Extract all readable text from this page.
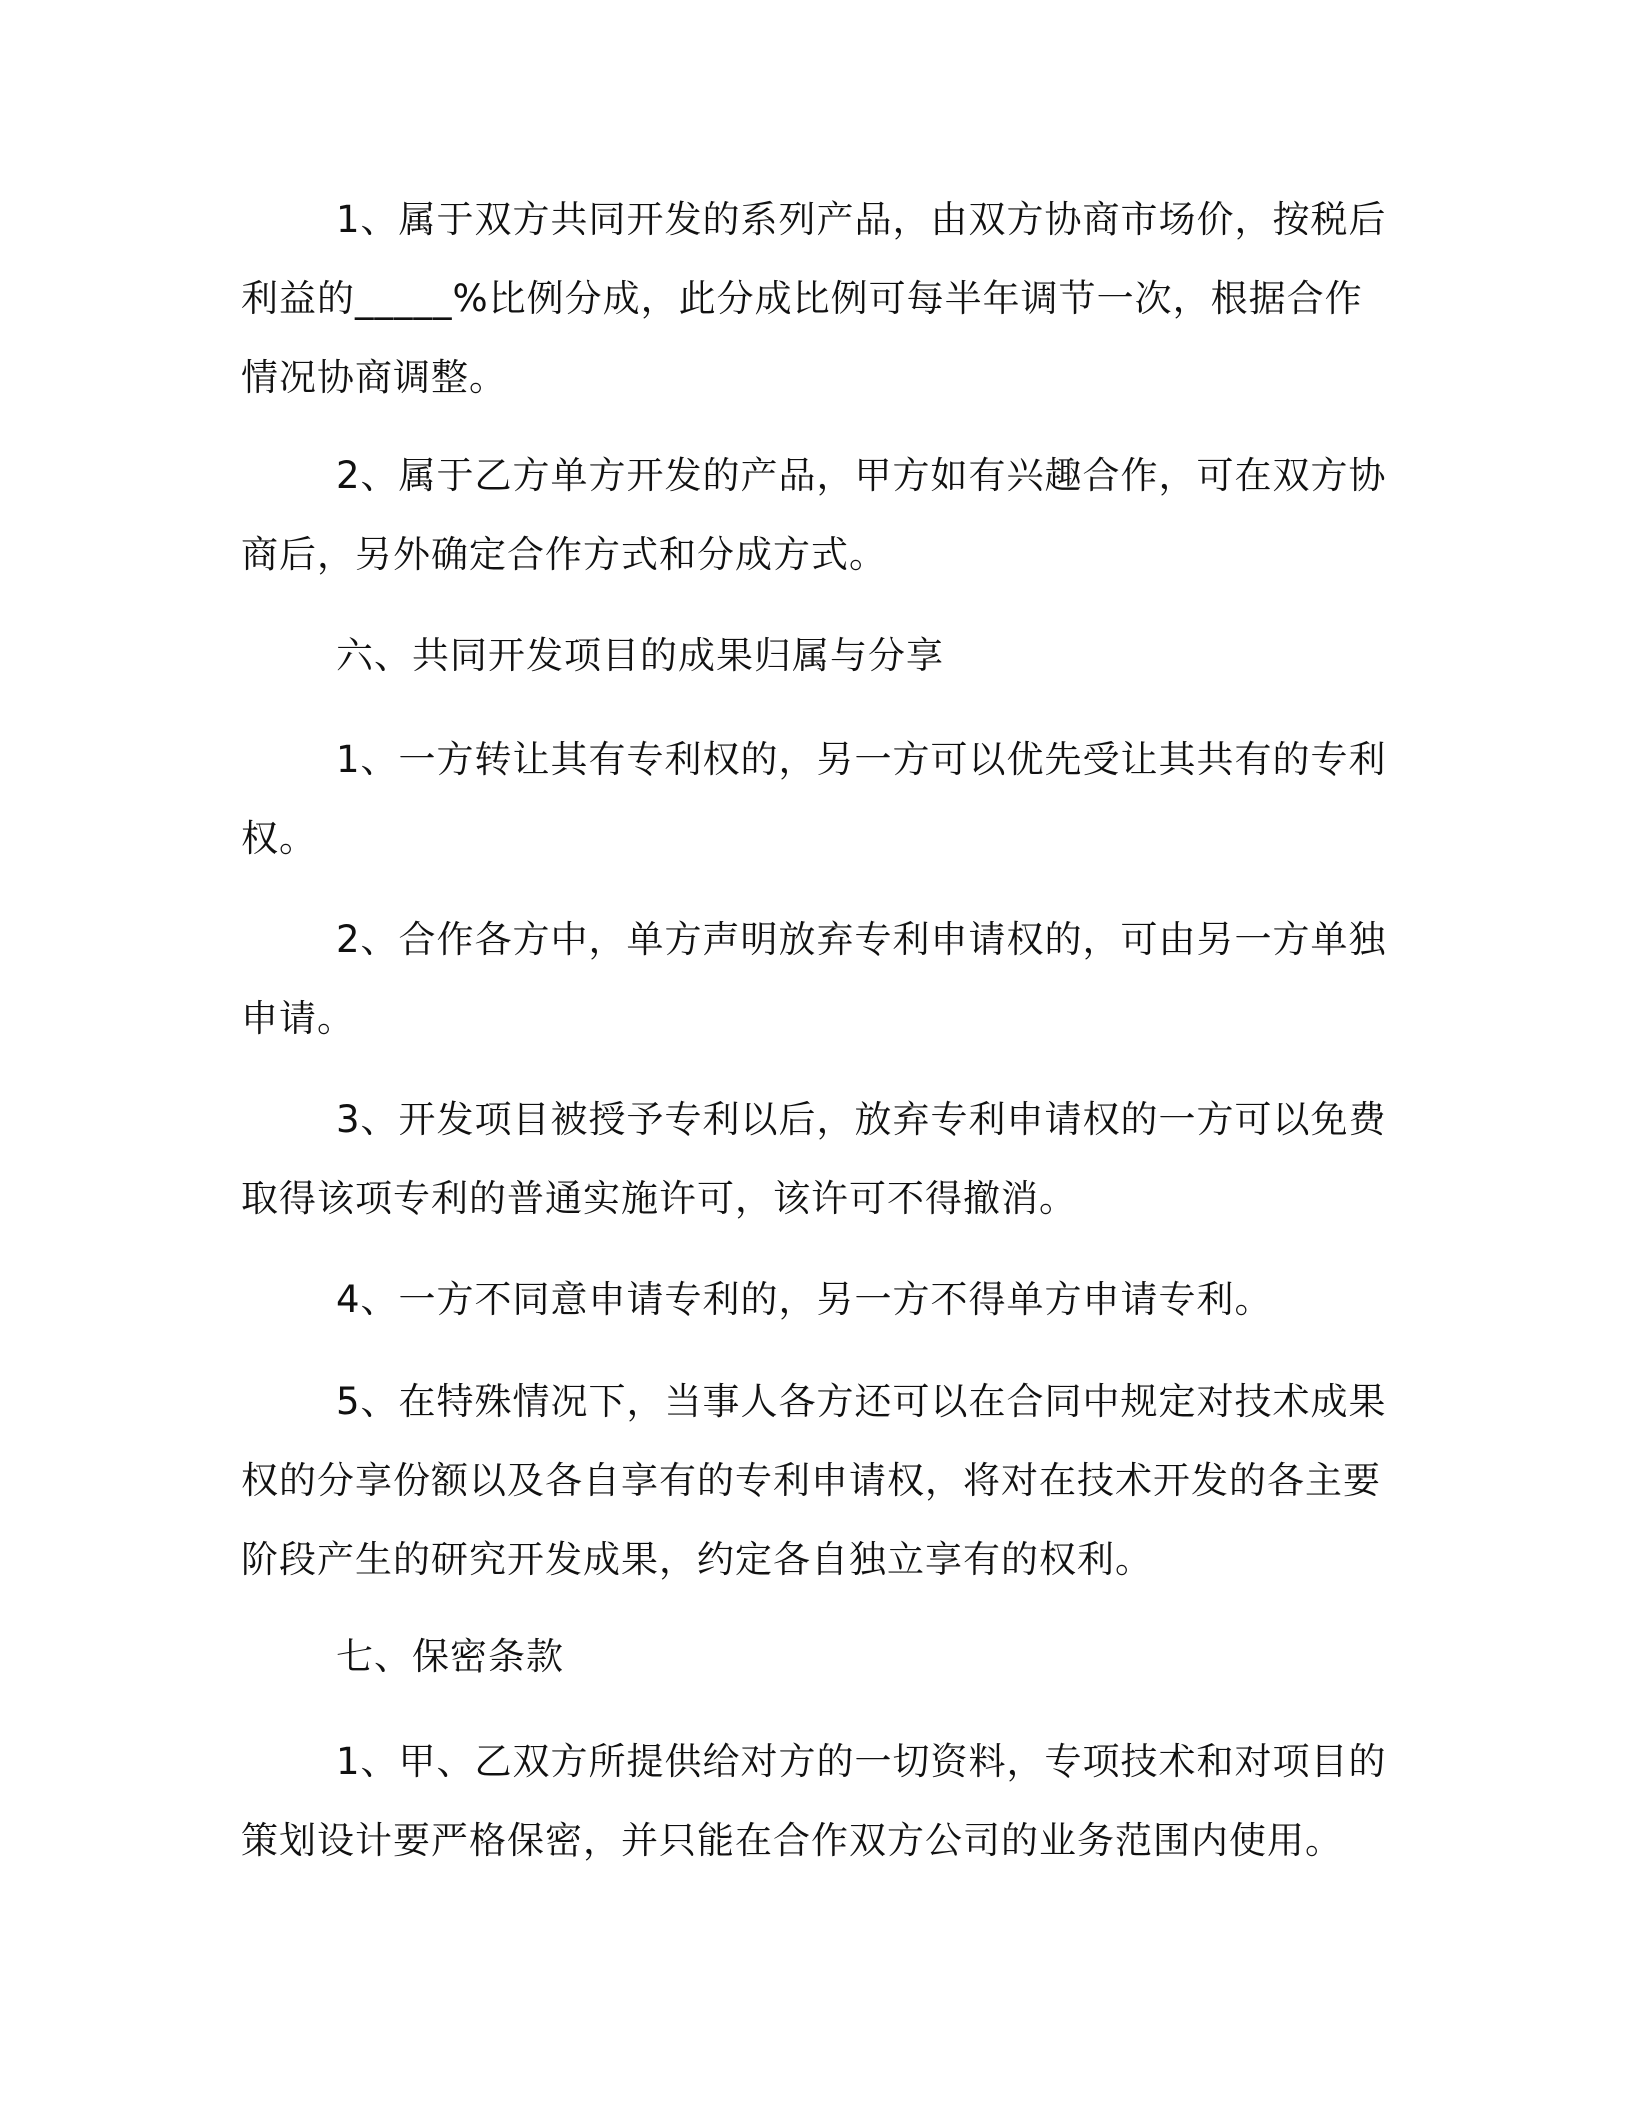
1、属于双方共同开发的系列产品，由双方协商市场价，按税后利益的_____%比例分成，此分成比例可每半年调节一次，根据合作情况协商调整。

2、属于乙方单方开发的产品，甲方如有兴趣合作，可在双方协商后，另外确定合作方式和分成方式。

六、共同开发项目的成果归属与分享

1、一方转让其有专利权的，另一方可以优先受让其共有的专利权。

2、合作各方中，单方声明放弃专利申请权的，可由另一方单独申请。

3、开发项目被授予专利以后，放弃专利申请权的一方可以免费取得该项专利的普通实施许可，该许可不得撤消。

4、一方不同意申请专利的，另一方不得单方申请专利。

5、在特殊情况下，当事人各方还可以在合同中规定对技术成果权的分享份额以及各自享有的专利申请权，将对在技术开发的各主要阶段产生的研究开发成果，约定各自独立享有的权利。

七、保密条款

1、甲、乙双方所提供给对方的一切资料，专项技术和对项目的策划设计要严格保密，并只能在合作双方公司的业务范围内使用。
